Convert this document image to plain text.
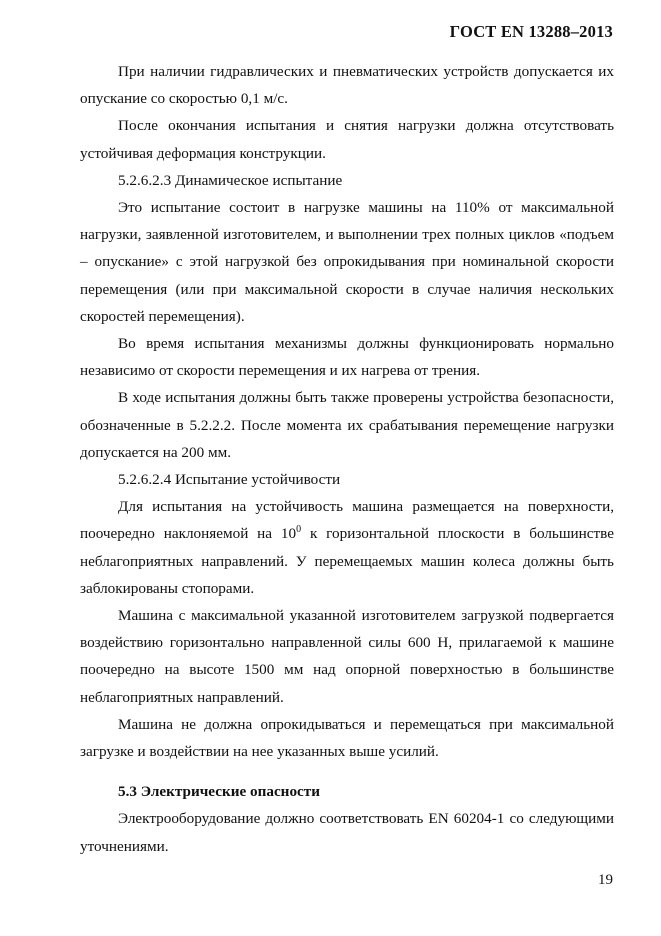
ГОСТ EN 13288–2013

При наличии гидравлических и пневматических устройств допускается их опускание со скоростью 0,1 м/с.

После окончания испытания и снятия нагрузки должна отсутствовать устойчивая деформация конструкции.

5.2.6.2.3 Динамическое испытание

Это испытание состоит в нагрузке машины на 110% от максимальной нагрузки, заявленной изготовителем, и выполнении трех полных циклов «подъем – опускание» с этой нагрузкой без опрокидывания при номинальной скорости перемещения (или при максимальной скорости в случае наличия нескольких скоростей перемещения).

Во время испытания механизмы должны функционировать нормально независимо от скорости перемещения и их нагрева от трения.

В ходе испытания должны быть также проверены устройства безопасности, обозначенные в 5.2.2.2. После момента их срабатывания перемещение нагрузки допускается на 200 мм.

5.2.6.2.4 Испытание устойчивости

Для испытания на устойчивость машина размещается на поверхности, поочередно наклоняемой на $10^0$ к горизонтальной плоскости в большинстве неблагоприятных направлений. У перемещаемых машин колеса должны быть заблокированы стопорами.

Машина с максимальной указанной изготовителем загрузкой подвергается воздействию горизонтально направленной силы 600 Н, прилагаемой к машине поочередно на высоте 1500 мм над опорной поверхностью в большинстве неблагоприятных направлений.

Машина не должна опрокидываться и перемещаться при максимальной загрузке и воздействии на нее указанных выше усилий.

5.3 Электрические опасности

Электрооборудование должно соответствовать EN 60204-1 со следующими уточнениями.

19
